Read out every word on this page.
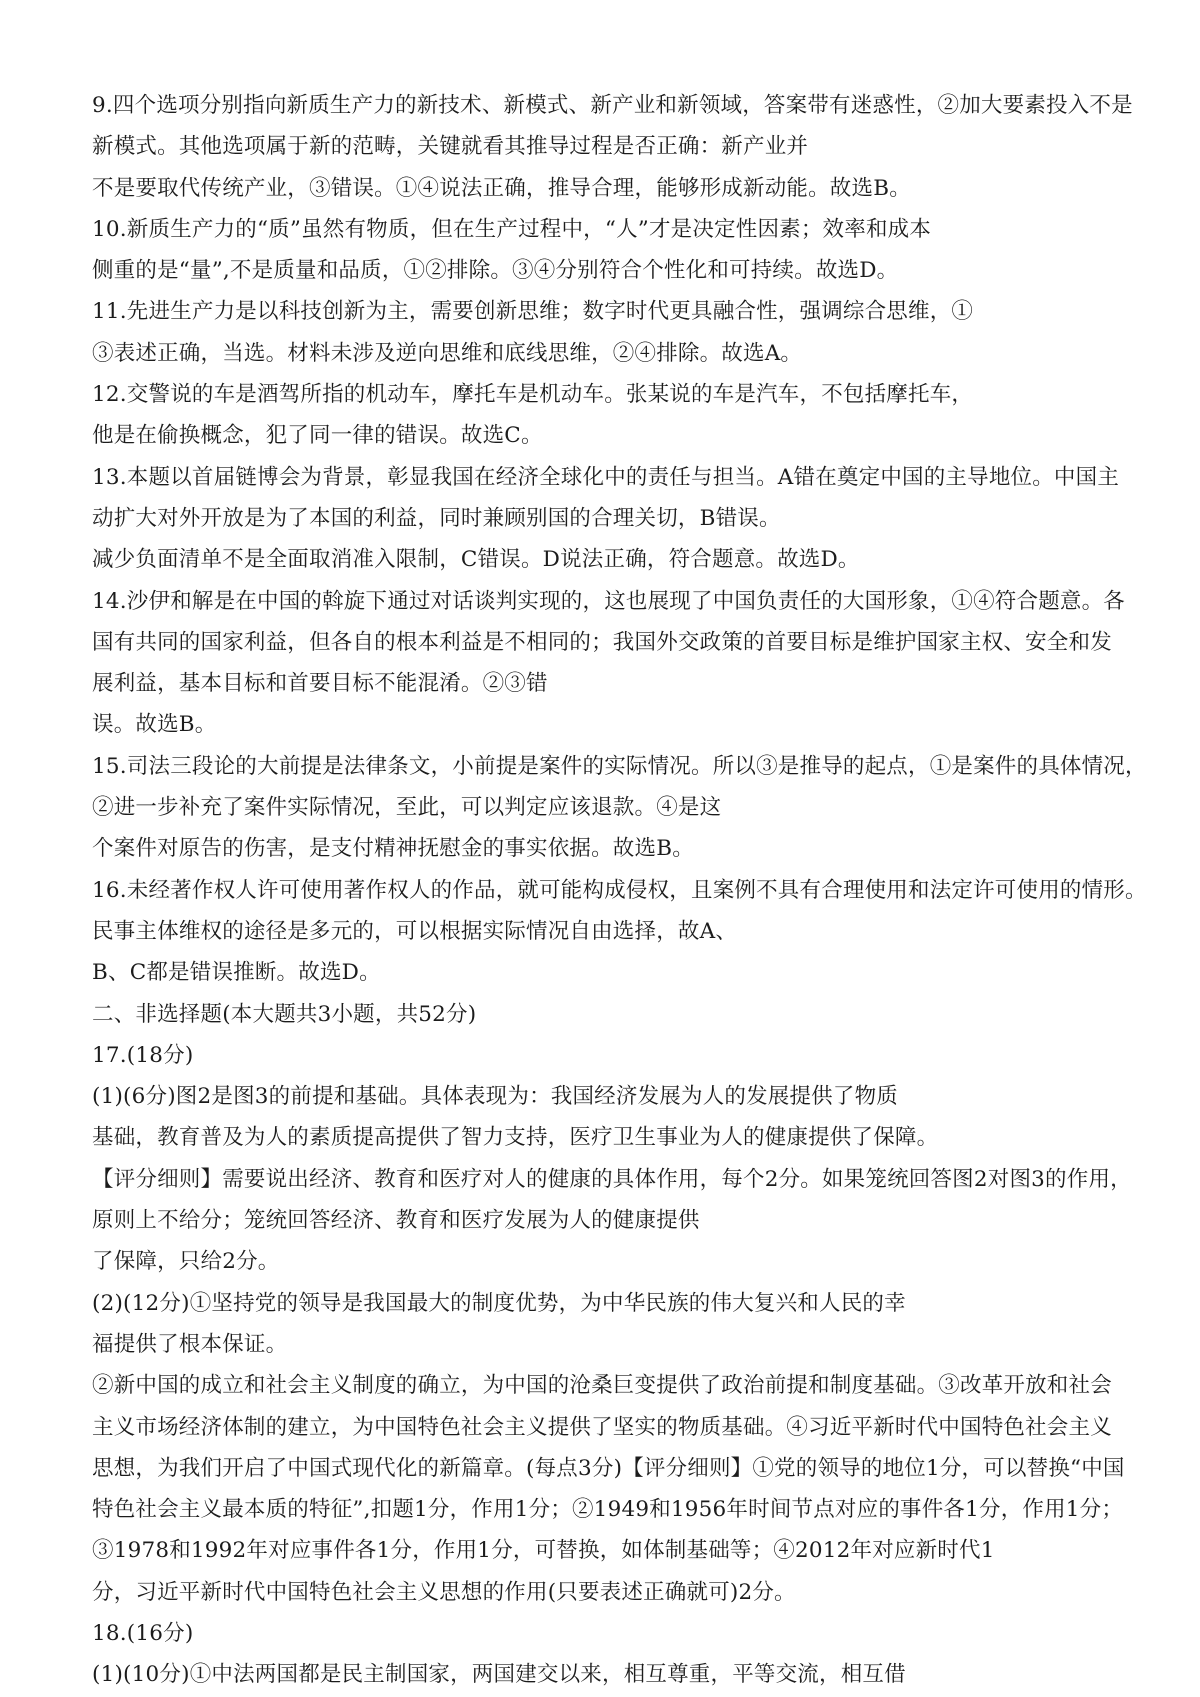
9.四个选项分别指向新质生产力的新技术、新模式、新产业和新领域，答案带有迷惑性，②加大要素投入不是
新模式。其他选项属于新的范畴，关键就看其推导过程是否正确：新产业并
不是要取代传统产业，③错误。①④说法正确，推导合理，能够形成新动能。故选B。
10.新质生产力的“质”虽然有物质，但在生产过程中，“人”才是决定性因素；效率和成本
侧重的是“量”,不是质量和品质，①②排除。③④分别符合个性化和可持续。故选D。
11.先进生产力是以科技创新为主，需要创新思维；数字时代更具融合性，强调综合思维，①
③表述正确，当选。材料未涉及逆向思维和底线思维，②④排除。故选A。
12.交警说的车是酒驾所指的机动车，摩托车是机动车。张某说的车是汽车，不包括摩托车，
他是在偷换概念，犯了同一律的错误。故选C。
13.本题以首届链博会为背景，彰显我国在经济全球化中的责任与担当。A错在奠定中国的主导地位。中国主
动扩大对外开放是为了本国的利益，同时兼顾别国的合理关切，B错误。
减少负面清单不是全面取消准入限制，C错误。D说法正确，符合题意。故选D。
14.沙伊和解是在中国的斡旋下通过对话谈判实现的，这也展现了中国负责任的大国形象，①④符合题意。各
国有共同的国家利益，但各自的根本利益是不相同的；我国外交政策的首要目标是维护国家主权、安全和发
展利益，基本目标和首要目标不能混淆。②③错
误。故选B。
15.司法三段论的大前提是法律条文，小前提是案件的实际情况。所以③是推导的起点，①是案件的具体情况，
②进一步补充了案件实际情况，至此，可以判定应该退款。④是这
个案件对原告的伤害，是支付精神抚慰金的事实依据。故选B。
16.未经著作权人许可使用著作权人的作品，就可能构成侵权，且案例不具有合理使用和法定许可使用的情形。
民事主体维权的途径是多元的，可以根据实际情况自由选择，故A、
B、C都是错误推断。故选D。
二、非选择题(本大题共3小题，共52分)
17.(18分)
(1)(6分)图2是图3的前提和基础。具体表现为：我国经济发展为人的发展提供了物质
基础，教育普及为人的素质提高提供了智力支持，医疗卫生事业为人的健康提供了保障。
【评分细则】需要说出经济、教育和医疗对人的健康的具体作用，每个2分。如果笼统回答图2对图3的作用，
原则上不给分；笼统回答经济、教育和医疗发展为人的健康提供
了保障，只给2分。
(2)(12分)①坚持党的领导是我国最大的制度优势，为中华民族的伟大复兴和人民的幸
福提供了根本保证。
②新中国的成立和社会主义制度的确立，为中国的沧桑巨变提供了政治前提和制度基础。③改革开放和社会
主义市场经济体制的建立，为中国特色社会主义提供了坚实的物质基础。④习近平新时代中国特色社会主义
思想，为我们开启了中国式现代化的新篇章。(每点3分)【评分细则】①党的领导的地位1分，可以替换“中国
特色社会主义最本质的特征”,扣题1分，作用1分；②1949和1956年时间节点对应的事件各1分，作用1分；
③1978和1992年对应事件各1分，作用1分，可替换，如体制基础等；④2012年对应新时代1
分，习近平新时代中国特色社会主义思想的作用(只要表述正确就可)2分。
18.(16分)
(1)(10分)①中法两国都是民主制国家，两国建交以来，相互尊重，平等交流，相互借
